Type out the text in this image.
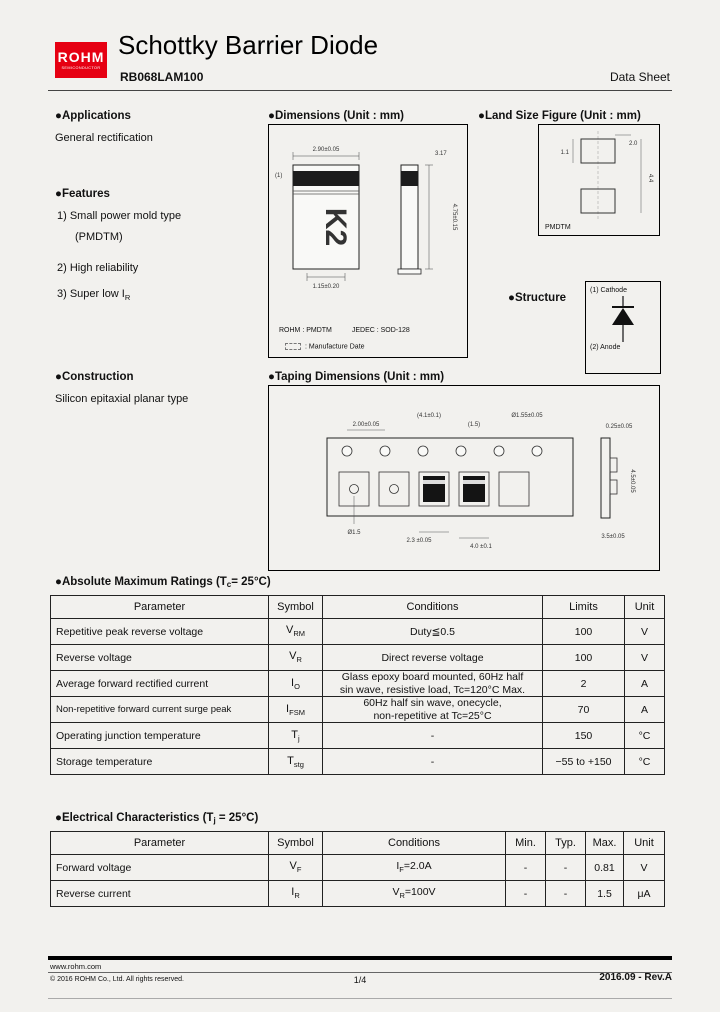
ROHM
SEMICONDUCTOR
Schottky Barrier Diode
RB068LAM100	Data Sheet
●Applications
General rectification
●Features
1) Small power mold type
(PMDTM)
2) High reliability
3) Super low $I_R$
●Construction
Silicon epitaxial planar type
●Dimensions (Unit : mm)
K2
2.90±0.05
(1)
1.15±0.20
3.17
4.75±0.15
ROHM : PMDTM	JEDEC : SOD-128
: Manufacture Date
●Land Size Figure (Unit : mm)
2.0
1.1
4.4
PMDTM
●Structure
(1) Cathode
(2) Anode
●Taping Dimensions (Unit : mm)
2.00±0.05
(4.1±0.1)
(1.5)
Ø1.55±0.05
Ø1.5
2.3 ±0.05
4.0 ±0.1
0.25±0.05
4.5±0.05
3.5±0.05
●Absolute Maximum Ratings $(T_c= 25^\circ C)$
Parameter	Symbol	Conditions	Limits	Unit
Repetitive peak reverse voltage	$V_{RM}$	Duty≦0.5	100	V
Reverse voltage	$V_R$	Direct reverse voltage	100	V
Average forward rectified current	$I_O$	Glass epoxy board mounted, 60Hz half
sin wave, resistive load, Tc=120°C Max.	2	A
Non-repetitive forward current surge peak	$I_{FSM}$	60Hz half sin wave, onecycle,
non-repetitive at Tc=25°C	70	A
Operating junction temperature	$T_j$	-	150	°C
Storage temperature	$T_{stg}$	-	−55 to +150	°C
●Electrical Characteristics $(T_j = 25^\circ C)$
Parameter	Symbol	Conditions	Min.	Typ.	Max.	Unit
Forward voltage	$V_F$	$I_F=2.0A$	-	-	0.81	V
Reverse current	$I_R$	$V_R=100V$	-	-	1.5	μA
www.rohm.com
© 2016 ROHM Co., Ltd. All rights reserved.	1/4	2016.09 - Rev.A
